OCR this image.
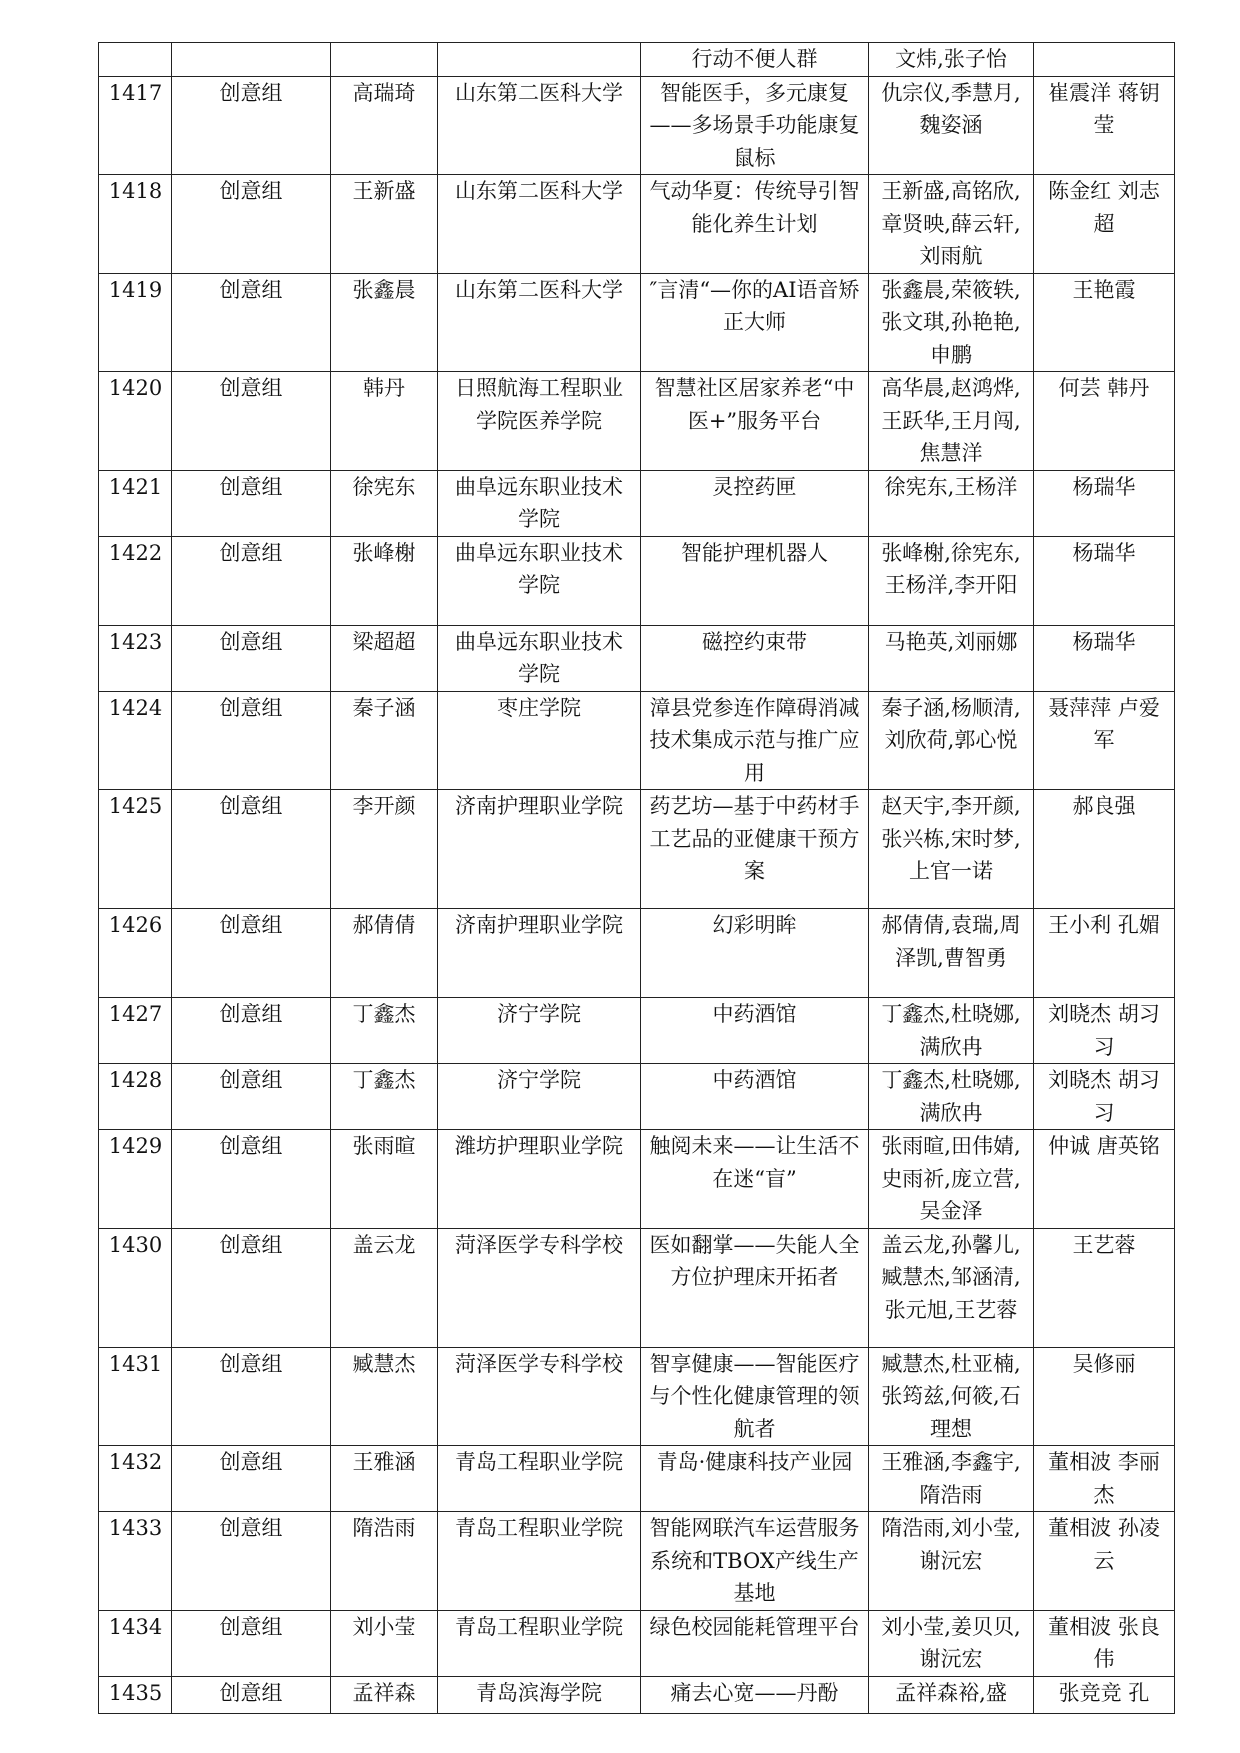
				行动不便人群	文炜,张子怡	
1417	创意组	高瑞琦	山东第二医科大学	智能医手，多元康复——多场景手功能康复鼠标	仇宗仪,季慧月,魏姿涵	崔震洋 蒋钥莹
1418	创意组	王新盛	山东第二医科大学	气动华夏：传统导引智能化养生计划	王新盛,高铭欣,章贤映,薛云轩,刘雨航	陈金红 刘志超
1419	创意组	张鑫晨	山东第二医科大学	″言清“—你的AI语音矫正大师	张鑫晨,荣筱轶,张文琪,孙艳艳,申鹏	王艳霞
1420	创意组	韩丹	日照航海工程职业学院医养学院	智慧社区居家养老“中医+”服务平台	高华晨,赵鸿烨,王跃华,王月闯,焦慧洋	何芸 韩丹
1421	创意组	徐宪东	曲阜远东职业技术学院	灵控药匣	徐宪东,王杨洋	杨瑞华
1422	创意组	张峰榭	曲阜远东职业技术学院	智能护理机器人	张峰榭,徐宪东,王杨洋,李开阳	杨瑞华
1423	创意组	梁超超	曲阜远东职业技术学院	磁控约束带	马艳英,刘丽娜	杨瑞华
1424	创意组	秦子涵	枣庄学院	漳县党参连作障碍消减技术集成示范与推广应用	秦子涵,杨顺清,刘欣荷,郭心悦	聂萍萍 卢爱军
1425	创意组	李开颜	济南护理职业学院	药艺坊—基于中药材手工艺品的亚健康干预方案	赵天宇,李开颜,张兴栋,宋时梦,上官一诺	郝良强
1426	创意组	郝倩倩	济南护理职业学院	幻彩明眸	郝倩倩,袁瑞,周泽凯,曹智勇	王小利 孔媚
1427	创意组	丁鑫杰	济宁学院	中药酒馆	丁鑫杰,杜晓娜,满欣冉	刘晓杰 胡习习
1428	创意组	丁鑫杰	济宁学院	中药酒馆	丁鑫杰,杜晓娜,满欣冉	刘晓杰 胡习习
1429	创意组	张雨暄	潍坊护理职业学院	触阅未来——让生活不在迷“盲”	张雨暄,田伟婧,史雨祈,庞立营,吴金泽	仲诚 唐英铭
1430	创意组	盖云龙	菏泽医学专科学校	医如翻掌——失能人全方位护理床开拓者	盖云龙,孙馨儿,臧慧杰,邹涵清,张元旭,王艺蓉	王艺蓉
1431	创意组	臧慧杰	菏泽医学专科学校	智享健康——智能医疗与个性化健康管理的领航者	臧慧杰,杜亚楠,张筠兹,何筱,石理想	吴修丽
1432	创意组	王雅涵	青岛工程职业学院	青岛·健康科技产业园	王雅涵,李鑫宇,隋浩雨	董相波 李丽杰
1433	创意组	隋浩雨	青岛工程职业学院	智能网联汽车运营服务系统和TBOX产线生产基地	隋浩雨,刘小莹,谢沅宏	董相波 孙凌云
1434	创意组	刘小莹	青岛工程职业学院	绿色校园能耗管理平台	刘小莹,姜贝贝,谢沅宏	董相波 张良伟
1435	创意组	孟祥森	青岛滨海学院	痛去心宽——丹酚	孟祥森裕,盛	张竞竞 孔
